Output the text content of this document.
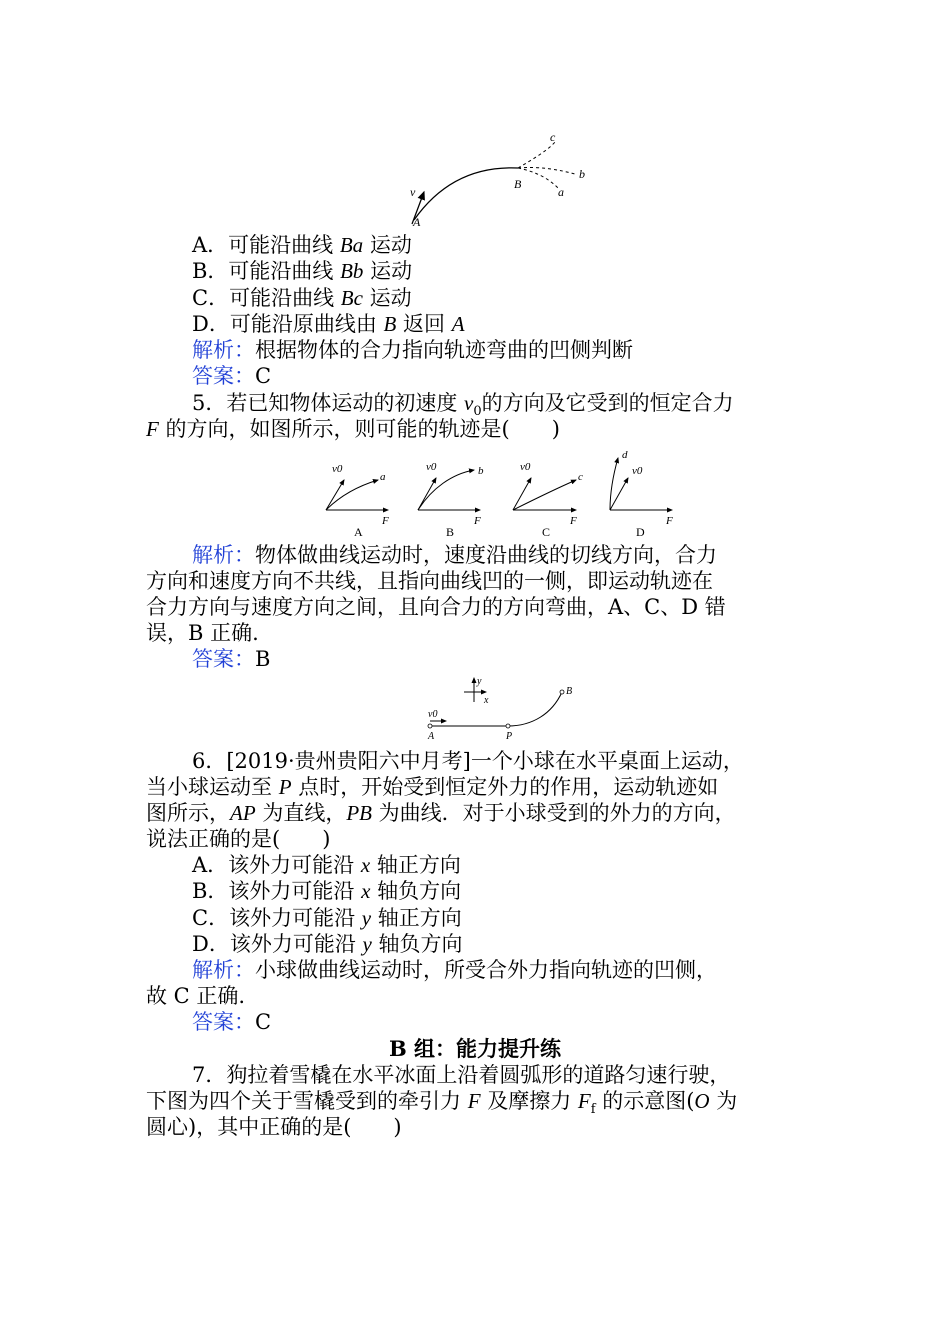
c
b
a
B
v
A
A．可能沿曲线 Ba 运动
B．可能沿曲线 Bb 运动
C．可能沿曲线 Bc 运动
D．可能沿原曲线由 B 返回 A
解析：根据物体的合力指向轨迹弯曲的凹侧判断
答案：C
5．若已知物体运动的初速度 $v_0$的方向及它受到的恒定合力
F 的方向，如图所示，则可能的轨迹是(　　)
v0
a
F
A
v0	b
F
B
v0
c
F
C
v0
d
F
D
解析：物体做曲线运动时，速度沿曲线的切线方向，合力
方向和速度方向不共线，且指向曲线凹的一侧，即运动轨迹在
合力方向与速度方向之间，且向合力的方向弯曲，A、C、D 错
误，B 正确.
答案：B
y
x
v0
A	P
B
6．[2019·贵州贵阳六中月考]一个小球在水平桌面上运动，
当小球运动至 P 点时，开始受到恒定外力的作用，运动轨迹如
图所示，AP 为直线，PB 为曲线．对于小球受到的外力的方向，
说法正确的是(　　)
A．该外力可能沿 x 轴正方向
B．该外力可能沿 x 轴负方向
C．该外力可能沿 y 轴正方向
D．该外力可能沿 y 轴负方向
解析：小球做曲线运动时，所受合外力指向轨迹的凹侧，
故 C 正确.
答案：C
B 组：能力提升练
7．狗拉着雪橇在水平冰面上沿着圆弧形的道路匀速行驶，
下图为四个关于雪橇受到的牵引力 F 及摩擦力 $F_f$ 的示意图(O 为
圆心)，其中正确的是(　　)
